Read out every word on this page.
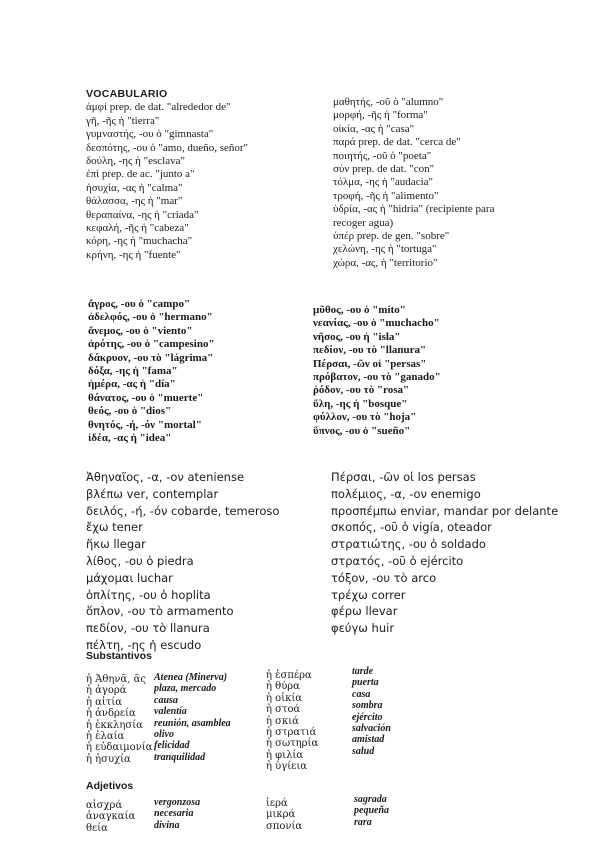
VOCABULARIO
ἀμφί prep. de dat. "alrededor de"
γῆ, -ῆς ἡ "tierra"
γυμναστής, -ου ὁ "gimnasta"
δεσπότης, -ου ὁ "amo, dueño, señor"
δούλη, -ης ἡ "esclava"
ἐπί prep. de ac. "junto a"
ἡσυχία, -ας ἡ "calma"
θάλασσα, -ης ἡ "mar"
θεραπαίνα, -ης ἡ "criada"
κεφαλή, -ῆς ἡ "cabeza"
κόρη, -ης ἡ "muchacha"
κρήνη, -ης ἡ "fuente"
μαθητής, -οῦ ὁ "alumno"
μορφή, -ῆς ἡ "forma"
οἰκία, -ας ἡ "casa"
παρά prep. de dat. "cerca de"
ποιητής, -οῦ ὁ "poeta"
σύν prep. de dat. "con"
τόλμα, -ης ἡ "audacia"
τροφή, -ῆς ἡ "alimento"
ὑδρία, -ας ἡ "hidria" (recipiente para
recoger agua)
ὑπέρ prep. de gen. "sobre"
χελώνη, -ης ἡ "tortuga"
χώρα, -ας, ἡ "territorio"
ἄγρος, -ου ὁ "campo"
ἀδελφός, -ου ὁ "hermano"
ἄνεμος, -ου ὁ "viento"
ἀρότης, -ου ὁ "campesino"
δάκρυον, -ου τὸ "lágrima"
δόξα, -ης ἡ "fama"
ἡμέρα, -ας ἡ "día"
θάνατος, -ου ὁ "muerte"
θεός, -ου ὁ "dios"
θνητός, -ή, -όν "mortal"
ἰδέα, -ας ἡ "idea"
μῦθος, -ου ὁ "mito"
νεανίας, -ου ὁ "muchacho"
νῆσος, -ου ἡ "isla"
πεδίον, -ου τὸ "llanura"
Πέρσαι, -ῶν οἱ "persas"
πρόβατον, -ου τὸ "ganado"
ῥόδον, -ου τὸ "rosa"
ὕλη, -ης ἡ "bosque"
φύλλον, -ου τὸ "hoja"
ὕπνος, -ου ὁ "sueño"
Ἀθηναῖος, -α, -ον ateniense
βλέπω ver, contemplar
δειλός, -ή, -όν cobarde, temeroso
ἔχω tener
ἥκω llegar
λίθος, -ου ὁ piedra
μάχομαι luchar
ὁπλίτης, -ου ὁ hoplita
ὅπλον, -ου τὸ armamento
πεδίον, -ου τὸ llanura
πέλτη, -ης ἡ escudo
Πέρσαι, -ῶν οἱ los persas
πολέμιος, -α, -ον enemigo
προσπέμπω enviar, mandar por delante
σκοπός, -οῦ ὁ vigía, oteador
στρατιώτης, -ου ὁ soldado
στρατός, -οῦ ὁ ejército
τόξον, -ου τὸ arco
τρέχω correr
φέρω llevar
φεύγω huir
Substantivos
ἡ Ἀθηνᾶ, ᾶς
ἡ ἀγορά
ἡ αἰτία
ἡ ἀνδρεία
ἡ ἐκκλησία
ἡ ἐλαία
ἡ εὐδαιμονία
ἡ ἡσυχία
Atenea (Minerva)
plaza, mercado
causa
valentía
reunión, asamblea
olivo
felicidad
tranquilidad
ἡ ἑσπέρα
ἡ θύρα
ἡ οἰκία
ἡ στοά
ἡ σκιά
ἡ στρατιά
ἡ σωτηρία
ἡ φιλία
ἡ ὑγίεια
tarde
puerta
casa
sombra
ejército
salvación
amistad
salud
Adjetivos
αἰσχρά
ἀναγκαία
θεία
vergonzosa
necesaria
divina
ἱερά
μικρά
σπονία
sagrada
pequeña
rara
